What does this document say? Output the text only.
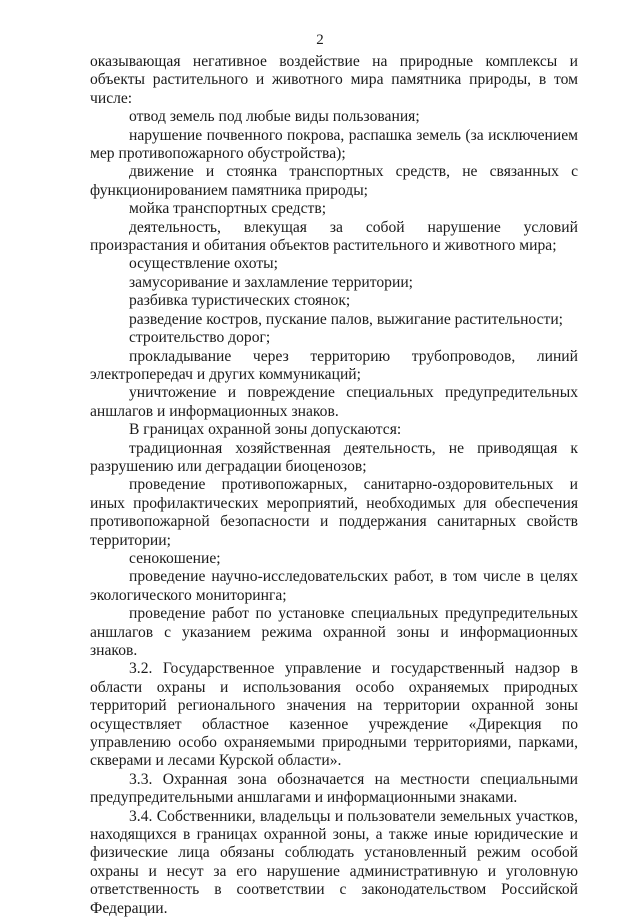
2

оказывающая негативное воздействие на природные комплексы и объекты растительного и животного мира памятника природы, в том числе:

отвод земель под любые виды пользования;

нарушение почвенного покрова, распашка земель (за исключением мер противопожарного обустройства);

движение и стоянка транспортных средств, не связанных с функционированием памятника природы;

мойка транспортных средств;

деятельность, влекущая за собой нарушение условий произрастания и обитания объектов растительного и животного мира;

осуществление охоты;

замусоривание и захламление территории;

разбивка туристических стоянок;

разведение костров, пускание палов, выжигание растительности;

строительство дорог;

прокладывание через территорию трубопроводов, линий электропередач и других коммуникаций;

уничтожение и повреждение специальных предупредительных аншлагов и информационных знаков.

В границах охранной зоны допускаются:

традиционная хозяйственная деятельность, не приводящая к разрушению или деградации биоценозов;

проведение противопожарных, санитарно-оздоровительных и иных профилактических мероприятий, необходимых для обеспечения противопожарной безопасности и поддержания санитарных свойств территории;

сенокошение;

проведение научно-исследовательских работ, в том числе в целях экологического мониторинга;

проведение работ по установке специальных предупредительных аншлагов с указанием режима охранной зоны и информационных знаков.

3.2. Государственное управление и государственный надзор в области охраны и использования особо охраняемых природных территорий регионального значения на территории охранной зоны осуществляет областное казенное учреждение «Дирекция по управлению особо охраняемыми природными территориями, парками, скверами и лесами Курской области».

3.3. Охранная зона обозначается на местности специальными предупредительными аншлагами и информационными знаками.

3.4. Собственники, владельцы и пользователи земельных участков, находящихся в границах охранной зоны, а также иные юридические и физические лица обязаны соблюдать установленный режим особой охраны и несут за его нарушение административную и уголовную ответственность в соответствии с законодательством Российской Федерации.
